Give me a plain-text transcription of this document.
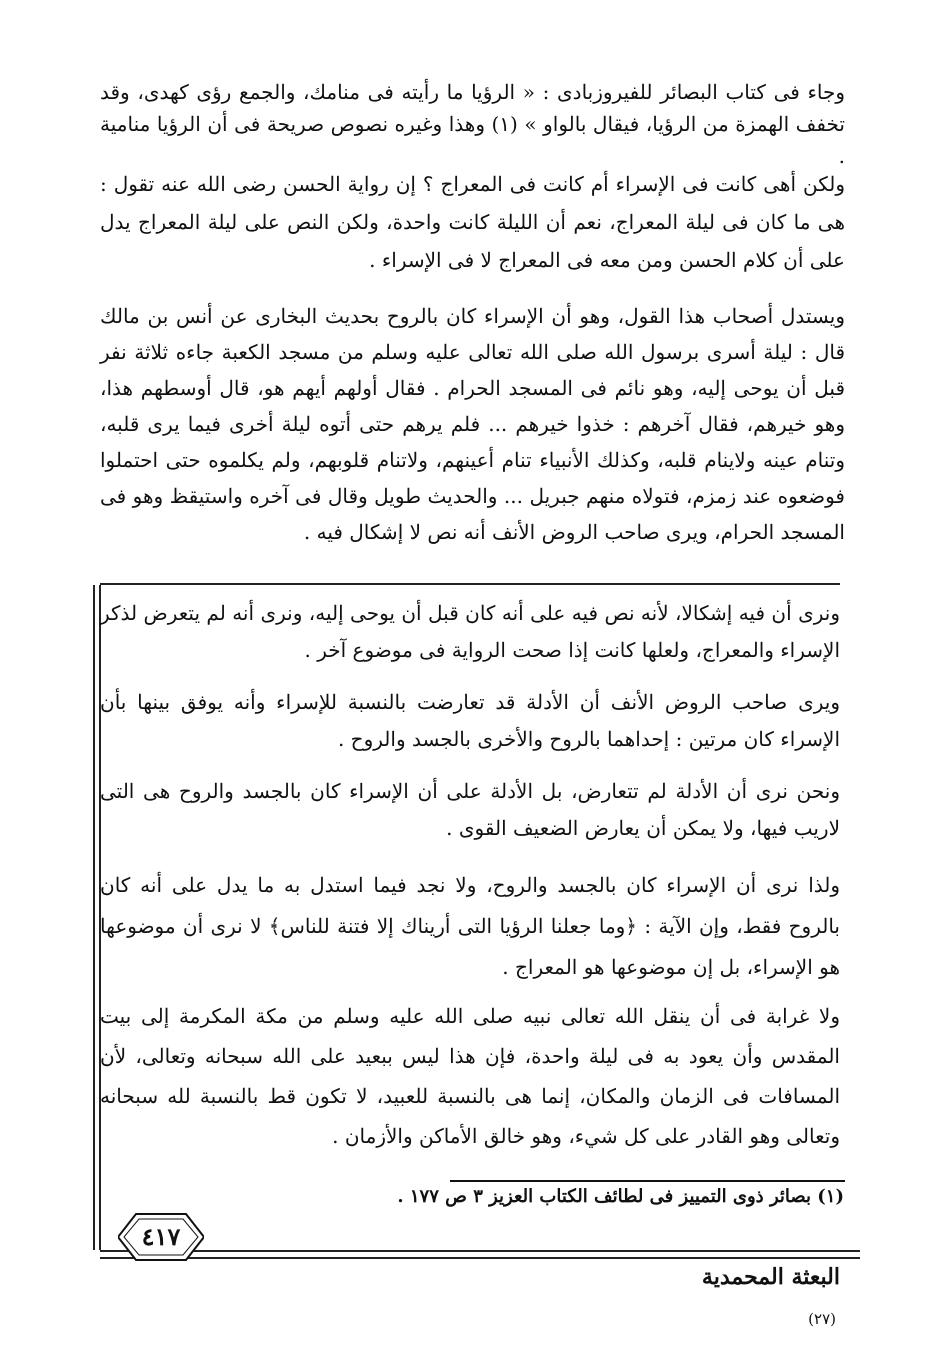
وجاء فى كتاب البصائر للفيروزبادى : « الرؤيا ما رأيته فى منامك، والجمع رؤى كهدى، وقد تخفف الهمزة من الرؤيا، فيقال بالواو » (١) وهذا وغيره نصوص صريحة فى أن الرؤيا منامية .

ولكن أهى كانت فى الإسراء أم كانت فى المعراج ؟ إن رواية الحسن رضى الله عنه تقول : هى ما كان فى ليلة المعراج، نعم أن الليلة كانت واحدة، ولكن النص على ليلة المعراج يدل على أن كلام الحسن ومن معه فى المعراج لا فى الإسراء .

ويستدل أصحاب هذا القول، وهو أن الإسراء كان بالروح بحديث البخارى عن أنس بن مالك قال : ليلة أسرى برسول الله صلى الله تعالى عليه وسلم من مسجد الكعبة جاءه ثلاثة نفر قبل أن يوحى إليه، وهو نائم فى المسجد الحرام . فقال أولهم أيهم هو، قال أوسطهم هذا، وهو خيرهم، فقال آخرهم : خذوا خيرهم ... فلم يرهم حتى أتوه ليلة أخرى فيما يرى قلبه، وتنام عينه ولاينام قلبه، وكذلك الأنبياء تنام أعينهم، ولاتنام قلوبهم، ولم يكلموه حتى احتملوا فوضعوه عند زمزم، فتولاه منهم جبريل ... والحديث طويل وقال فى آخره واستيقظ وهو فى المسجد الحرام، ويرى صاحب الروض الأنف أنه نص لا إشكال فيه .

ونرى أن فيه إشكالا، لأنه نص فيه على أنه كان قبل أن يوحى إليه، ونرى أنه لم يتعرض لذكر الإسراء والمعراج، ولعلها كانت إذا صحت الرواية فى موضوع آخر .

ويرى صاحب الروض الأنف أن الأدلة قد تعارضت بالنسبة للإسراء وأنه يوفق بينها بأن الإسراء كان مرتين : إحداهما بالروح والأخرى بالجسد والروح .

ونحن نرى أن الأدلة لم تتعارض، بل الأدلة على أن الإسراء كان بالجسد والروح هى التى لاريب فيها، ولا يمكن أن يعارض الضعيف القوى .

ولذا نرى أن الإسراء كان بالجسد والروح، ولا نجد فيما استدل به ما يدل على أنه كان بالروح فقط، وإن الآية : ﴿وما جعلنا الرؤيا التى أريناك إلا فتنة للناس﴾ لا نرى أن موضوعها هو الإسراء، بل إن موضوعها هو المعراج .

ولا غرابة فى أن ينقل الله تعالى نبيه صلى الله عليه وسلم من مكة المكرمة إلى بيت المقدس وأن يعود به فى ليلة واحدة، فإن هذا ليس ببعيد على الله سبحانه وتعالى، لأن المسافات فى الزمان والمكان، إنما هى بالنسبة للعبيد، لا تكون قط بالنسبة لله سبحانه وتعالى وهو القادر على كل شيء، وهو خالق الأماكن والأزمان .

(١) بصائر ذوى التمييز فى لطائف الكتاب العزيز ٣ ص ١٧٧ .
٤١٧
البعثة المحمدية
(٢٧)
